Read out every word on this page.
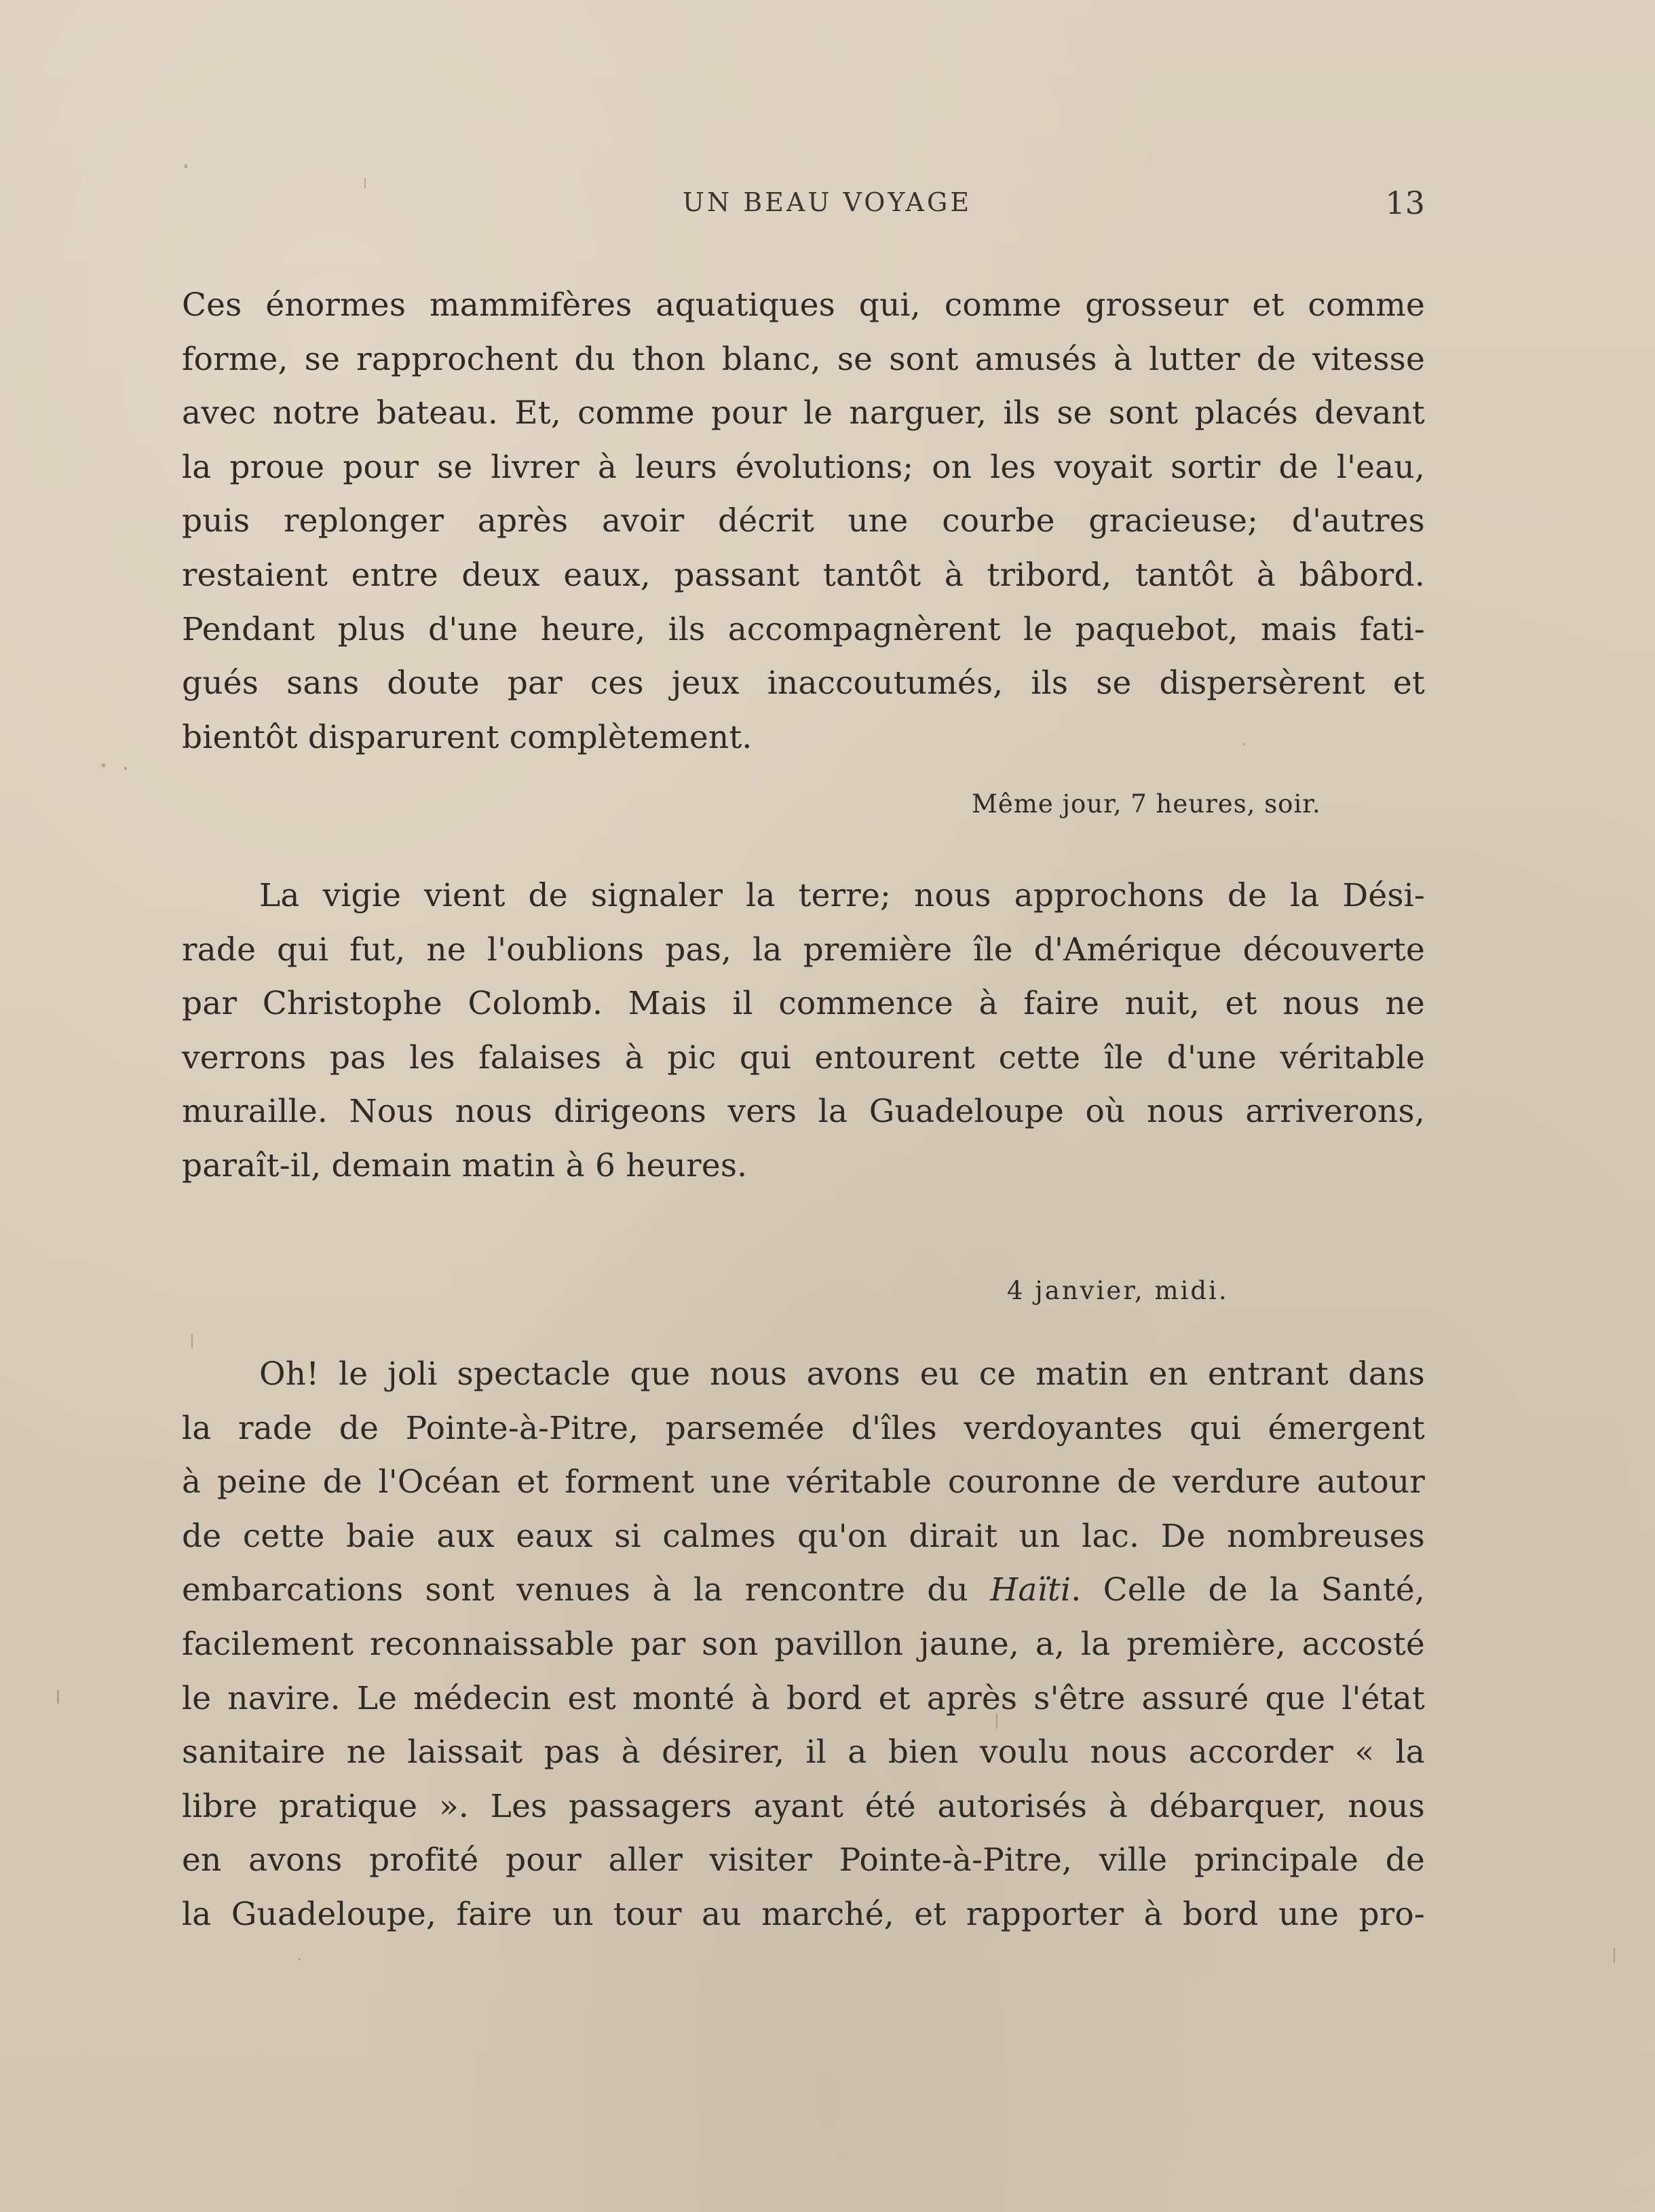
UN BEAU VOYAGE	13
Ces énormes mammifères aquatiques qui, comme grosseur et comme
forme, se rapprochent du thon blanc, se sont amusés à lutter de vitesse
avec notre bateau. Et, comme pour le narguer, ils se sont placés devant
la proue pour se livrer à leurs évolutions; on les voyait sortir de l'eau,
puis replonger après avoir décrit une courbe gracieuse; d'autres
restaient entre deux eaux, passant tantôt à tribord, tantôt à bâbord.
Pendant plus d'une heure, ils accompagnèrent le paquebot, mais fati-
gués sans doute par ces jeux inaccoutumés, ils se dispersèrent et
bientôt disparurent complètement.
Même jour, 7 heures, soir.
La vigie vient de signaler la terre; nous approchons de la Dési-
rade qui fut, ne l'oublions pas, la première île d'Amérique découverte
par Christophe Colomb. Mais il commence à faire nuit, et nous ne
verrons pas les falaises à pic qui entourent cette île d'une véritable
muraille. Nous nous dirigeons vers la Guadeloupe où nous arriverons,
paraît-il, demain matin à 6 heures.
4 janvier, midi.
Oh! le joli spectacle que nous avons eu ce matin en entrant dans
la rade de Pointe-à-Pitre, parsemée d'îles verdoyantes qui émergent
à peine de l'Océan et forment une véritable couronne de verdure autour
de cette baie aux eaux si calmes qu'on dirait un lac. De nombreuses
embarcations sont venues à la rencontre du Haïti. Celle de la Santé,
facilement reconnaissable par son pavillon jaune, a, la première, accosté
le navire. Le médecin est monté à bord et après s'être assuré que l'état
sanitaire ne laissait pas à désirer, il a bien voulu nous accorder « la
libre pratique ». Les passagers ayant été autorisés à débarquer, nous
en avons profité pour aller visiter Pointe-à-Pitre, ville principale de
la Guadeloupe, faire un tour au marché, et rapporter à bord une pro-
